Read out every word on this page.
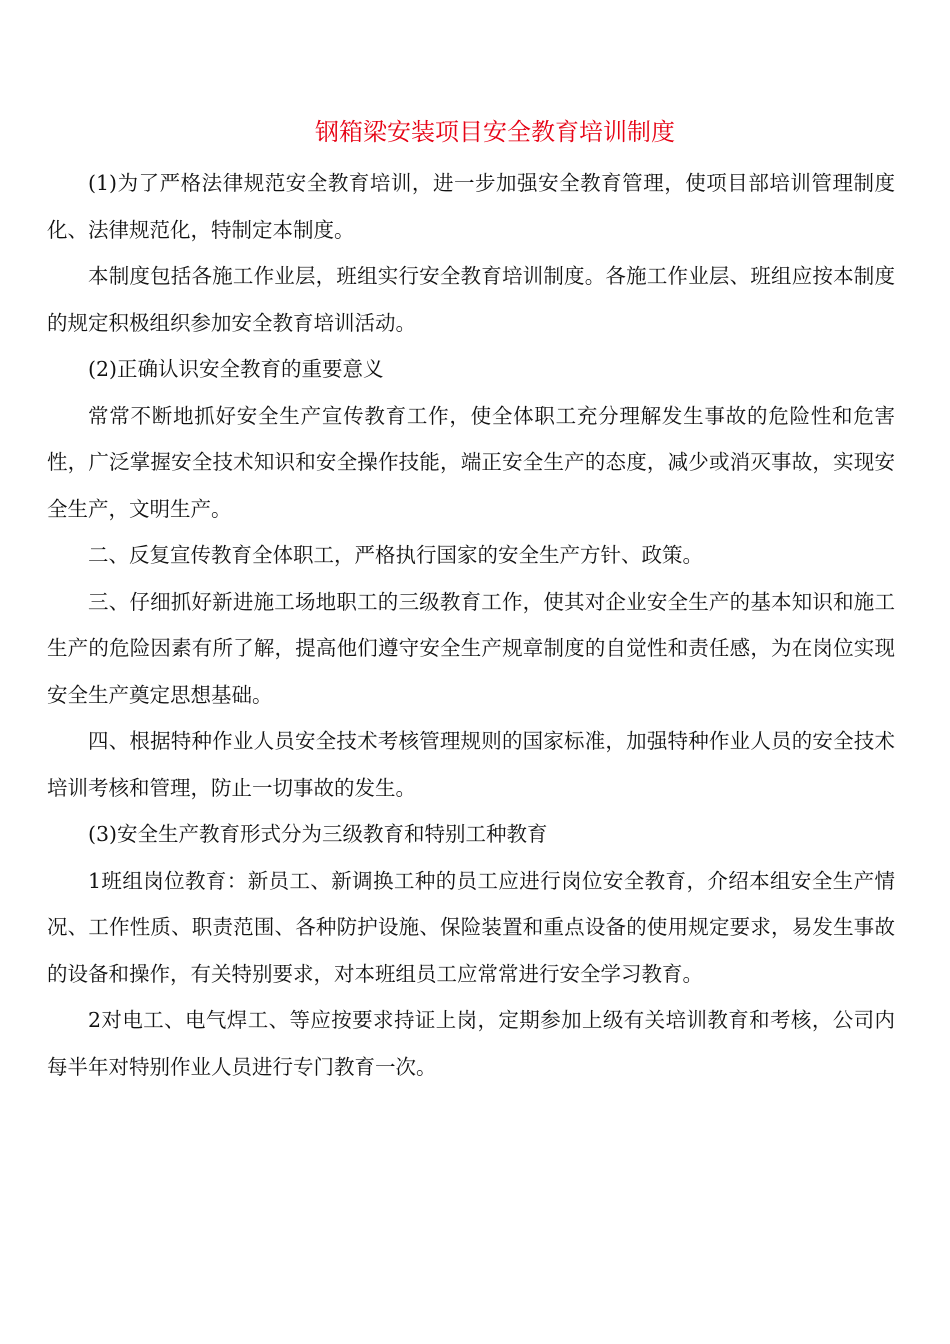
钢箱梁安装项目安全教育培训制度

(1)为了严格法律规范安全教育培训，进一步加强安全教育管理，使项目部培训管理制度化、法律规范化，特制定本制度。

本制度包括各施工作业层，班组实行安全教育培训制度。各施工作业层、班组应按本制度的规定积极组织参加安全教育培训活动。

(2)正确认识安全教育的重要意义

常常不断地抓好安全生产宣传教育工作，使全体职工充分理解发生事故的危险性和危害性，广泛掌握安全技术知识和安全操作技能，端正安全生产的态度，减少或消灭事故，实现安全生产，文明生产。

二、反复宣传教育全体职工，严格执行国家的安全生产方针、政策。

三、仔细抓好新进施工场地职工的三级教育工作，使其对企业安全生产的基本知识和施工生产的危险因素有所了解，提高他们遵守安全生产规章制度的自觉性和责任感，为在岗位实现安全生产奠定思想基础。

四、根据特种作业人员安全技术考核管理规则的国家标准，加强特种作业人员的安全技术培训考核和管理，防止一切事故的发生。

(3)安全生产教育形式分为三级教育和特别工种教育

1班组岗位教育：新员工、新调换工种的员工应进行岗位安全教育，介绍本组安全生产情况、工作性质、职责范围、各种防护设施、保险装置和重点设备的使用规定要求，易发生事故的设备和操作，有关特别要求，对本班组员工应常常进行安全学习教育。

2对电工、电气焊工、等应按要求持证上岗，定期参加上级有关培训教育和考核，公司内每半年对特别作业人员进行专门教育一次。
